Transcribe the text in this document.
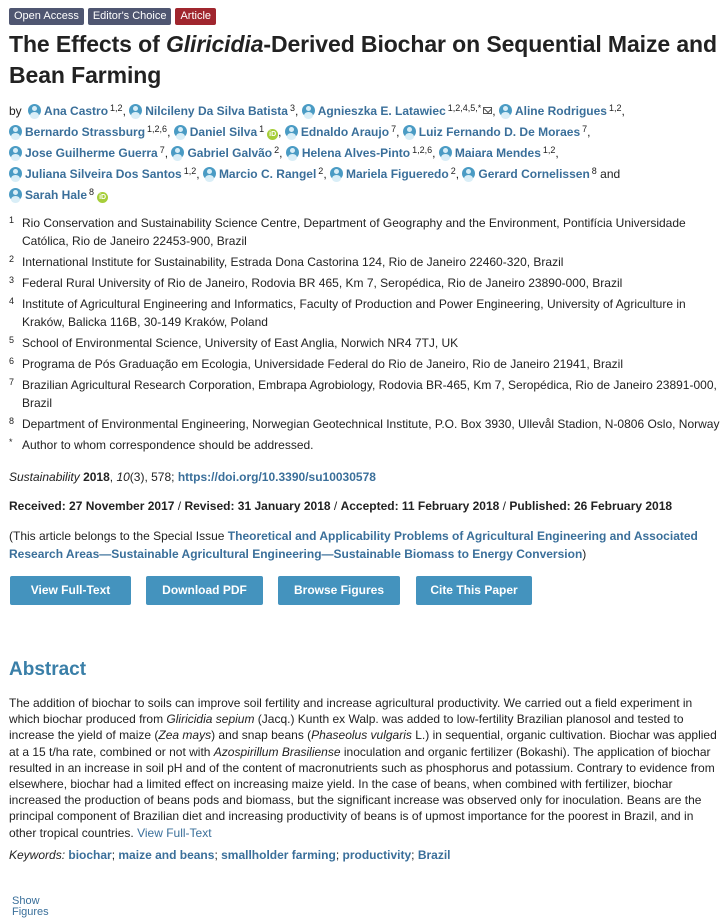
Open Access	Editor's Choice	Article
The Effects of Gliricidia-Derived Biochar on Sequential Maize and Bean Farming
by Ana Castro $^{1,2}$, Nilcileny Da Silva Batista $^3$, Agnieszka E. Latawiec $^{1,2,4,5,*}$ , Aline Rodrigues $^{1,2}$, Bernardo Strassburg $^{1,2,6}$, Daniel Silva $^1$iD , Ednaldo Araujo $^7$, Luiz Fernando D. De Moraes $^7$, Jose Guilherme Guerra $^7$, Gabriel Galvão $^2$, Helena Alves-Pinto $^{1,2,6}$, Maiara Mendes $^{1,2}$, Juliana Silveira Dos Santos $^{1,2}$, Marcio C. Rangel $^2$, Mariela Figueredo $^2$, Gerard Cornelissen $^8$ and Sarah Hale $^8$iD
1 Rio Conservation and Sustainability Science Centre, Department of Geography and the Environment, Pontifícia Universidade Católica, Rio de Janeiro 22453-900, Brazil
2 International Institute for Sustainability, Estrada Dona Castorina 124, Rio de Janeiro 22460-320, Brazil
3 Federal Rural University of Rio de Janeiro, Rodovia BR 465, Km 7, Seropédica, Rio de Janeiro 23890-000, Brazil
4 Institute of Agricultural Engineering and Informatics, Faculty of Production and Power Engineering, University of Agriculture in Kraków, Balicka 116B, 30-149 Kraków, Poland
5 School of Environmental Science, University of East Anglia, Norwich NR4 7TJ, UK
6 Programa de Pós Graduação em Ecologia, Universidade Federal do Rio de Janeiro, Rio de Janeiro 21941, Brazil
7 Brazilian Agricultural Research Corporation, Embrapa Agrobiology, Rodovia BR-465, Km 7, Seropédica, Rio de Janeiro 23891-000, Brazil
8 Department of Environmental Engineering, Norwegian Geotechnical Institute, P.O. Box 3930, Ullevål Stadion, N-0806 Oslo, Norway
* Author to whom correspondence should be addressed.
Sustainability 2018, 10(3), 578; https://doi.org/10.3390/su10030578
Received: 27 November 2017 / Revised: 31 January 2018 / Accepted: 11 February 2018 / Published: 26 February 2018
(This article belongs to the Special Issue Theoretical and Applicability Problems of Agricultural Engineering and Associated Research Areas—Sustainable Agricultural Engineering—Sustainable Biomass to Energy Conversion)
View Full-Text	Download PDF	Browse Figures	Cite This Paper
Abstract
The addition of biochar to soils can improve soil fertility and increase agricultural productivity. We carried out a field experiment in which biochar produced from Gliricidia sepium (Jacq.) Kunth ex Walp. was added to low-fertility Brazilian planosol and tested to increase the yield of maize (Zea mays) and snap beans (Phaseolus vulgaris L.) in sequential, organic cultivation. Biochar was applied at a 15 t/ha rate, combined or not with Azospirillum Brasiliense inoculation and organic fertilizer (Bokashi). The application of biochar resulted in an increase in soil pH and of the content of macronutrients such as phosphorus and potassium. Contrary to evidence from elsewhere, biochar had a limited effect on increasing maize yield. In the case of beans, when combined with fertilizer, biochar increased the production of beans pods and biomass, but the significant increase was observed only for inoculation. Beans are the principal component of Brazilian diet and increasing productivity of beans is of upmost importance for the poorest in Brazil, and in other tropical countries. View Full-Text
Keywords: biochar; maize and beans; smallholder farming; productivity; Brazil
Show Figures
